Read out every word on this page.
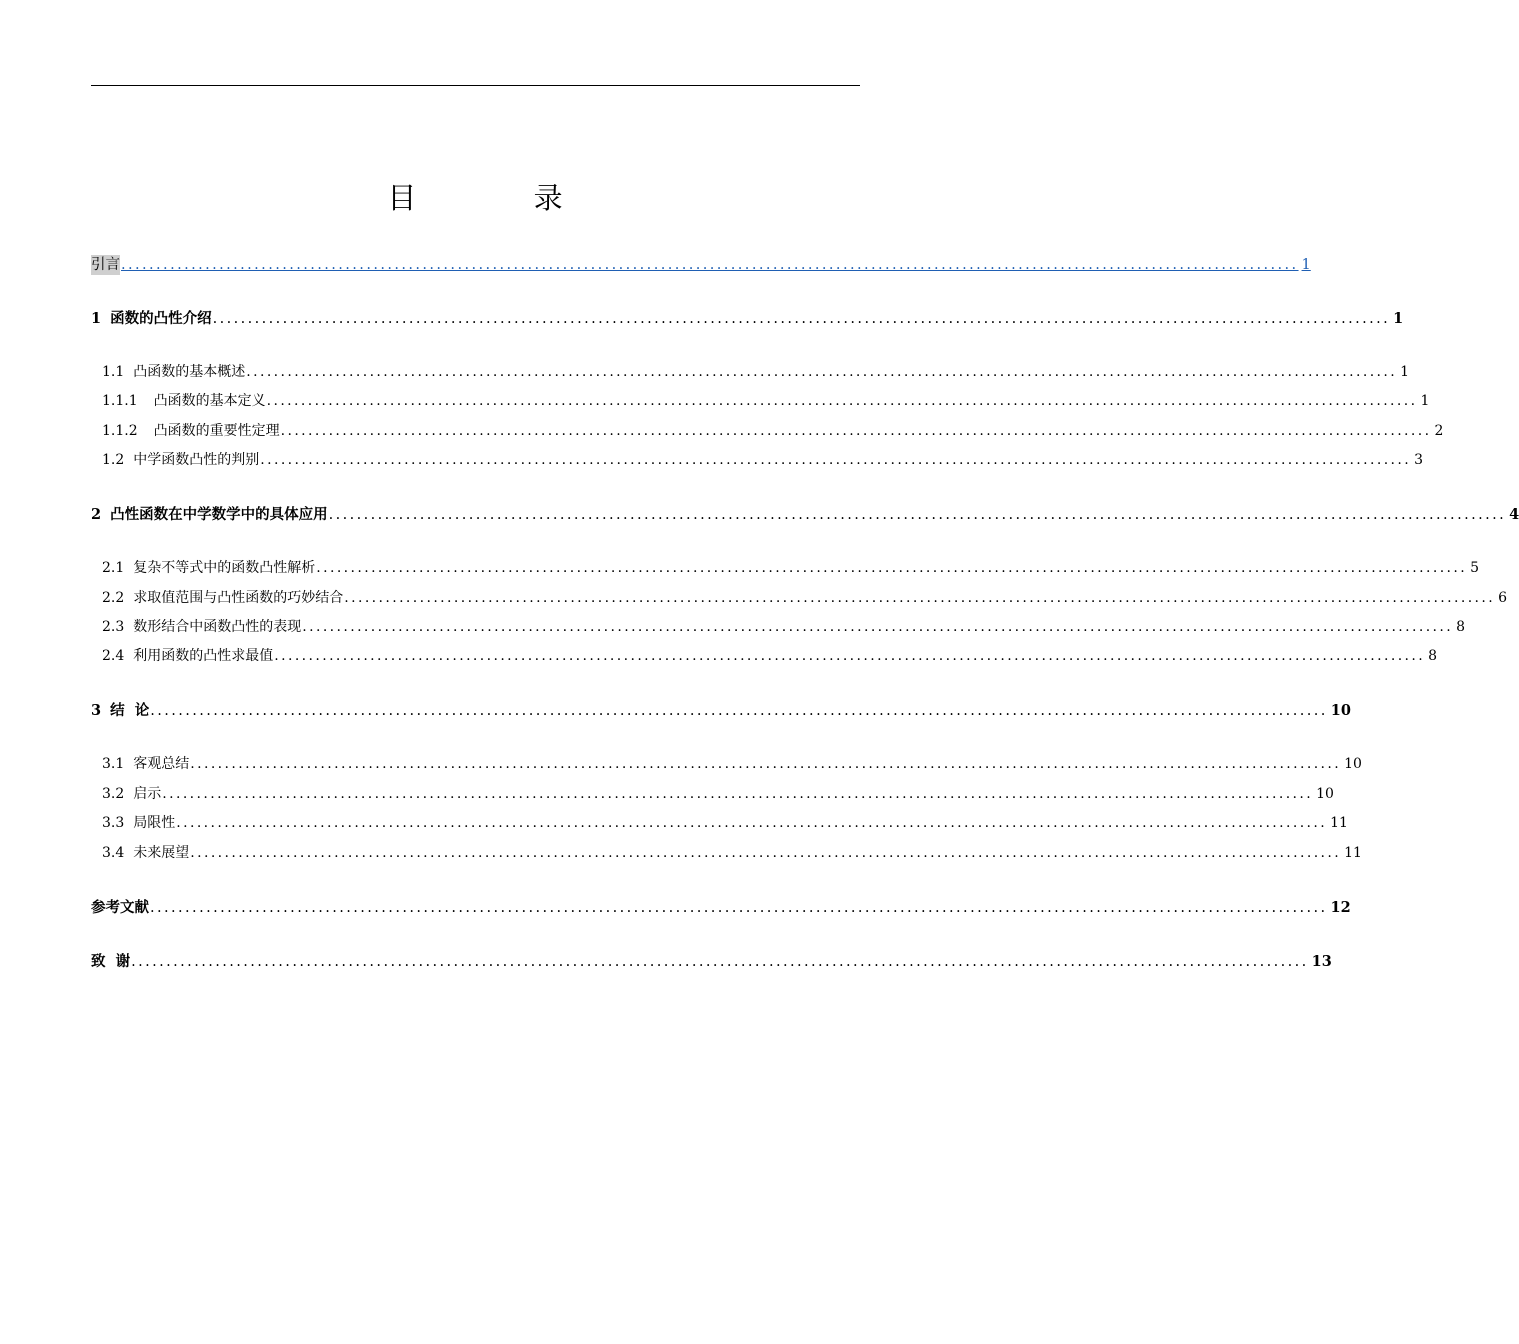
目 录
引言 ........................................................................................................................................................................ 1
1 函数的凸性介绍 ........................................................................................................................................................................ 1
1.1 凸函数的基本概述 ........................................................................................................................................................................ 1
1.1.1	凸函数的基本定义 ........................................................................................................................................................................ 1
1.1.2	凸函数的重要性定理 ........................................................................................................................................................................ 2
1.2 中学函数凸性的判别 ........................................................................................................................................................................ 3
2 凸性函数在中学数学中的具体应用 ........................................................................................................................................................................ 4
2.1 复杂不等式中的函数凸性解析 ........................................................................................................................................................................ 5
2.2 求取值范围与凸性函数的巧妙结合 ........................................................................................................................................................................ 6
2.3 数形结合中函数凸性的表现 ........................................................................................................................................................................ 8
2.4 利用函数的凸性求最值 ........................................................................................................................................................................ 8
3 结  论 ........................................................................................................................................................................ 10
3.1 客观总结 ........................................................................................................................................................................ 10
3.2 启示 ........................................................................................................................................................................ 10
3.3 局限性 ........................................................................................................................................................................ 11
3.4 未来展望 ........................................................................................................................................................................ 11
参考文献 ........................................................................................................................................................................ 12
致  谢 ........................................................................................................................................................................ 13
